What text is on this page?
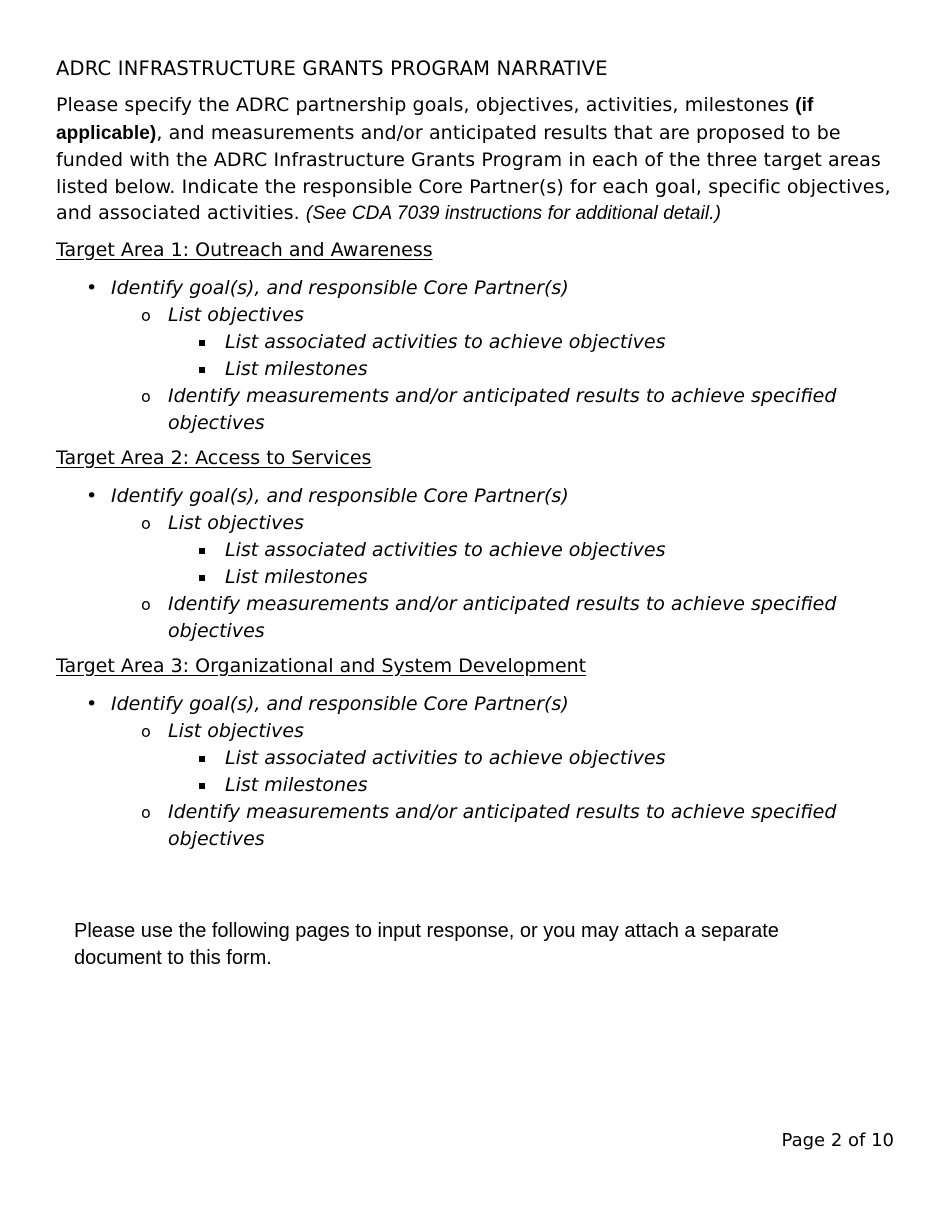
ADRC INFRASTRUCTURE GRANTS PROGRAM NARRATIVE

Please specify the ADRC partnership goals, objectives, activities, milestones (if applicable), and measurements and/or anticipated results that are proposed to be funded with the ADRC Infrastructure Grants Program in each of the three target areas listed below. Indicate the responsible Core Partner(s) for each goal, specific objectives, and associated activities. (See CDA 7039 instructions for additional detail.)

Target Area 1: Outreach and Awareness
• Identify goal(s), and responsible Core Partner(s)
o List objectives
List associated activities to achieve objectives
List milestones
o Identify measurements and/or anticipated results to achieve specified objectives
Target Area 2: Access to Services
• Identify goal(s), and responsible Core Partner(s)
o List objectives
List associated activities to achieve objectives
List milestones
o Identify measurements and/or anticipated results to achieve specified objectives
Target Area 3: Organizational and System Development
• Identify goal(s), and responsible Core Partner(s)
o List objectives
List associated activities to achieve objectives
List milestones
o Identify measurements and/or anticipated results to achieve specified objectives
Please use the following pages to input response, or you may attach a separate document to this form.
Page 2 of 10
